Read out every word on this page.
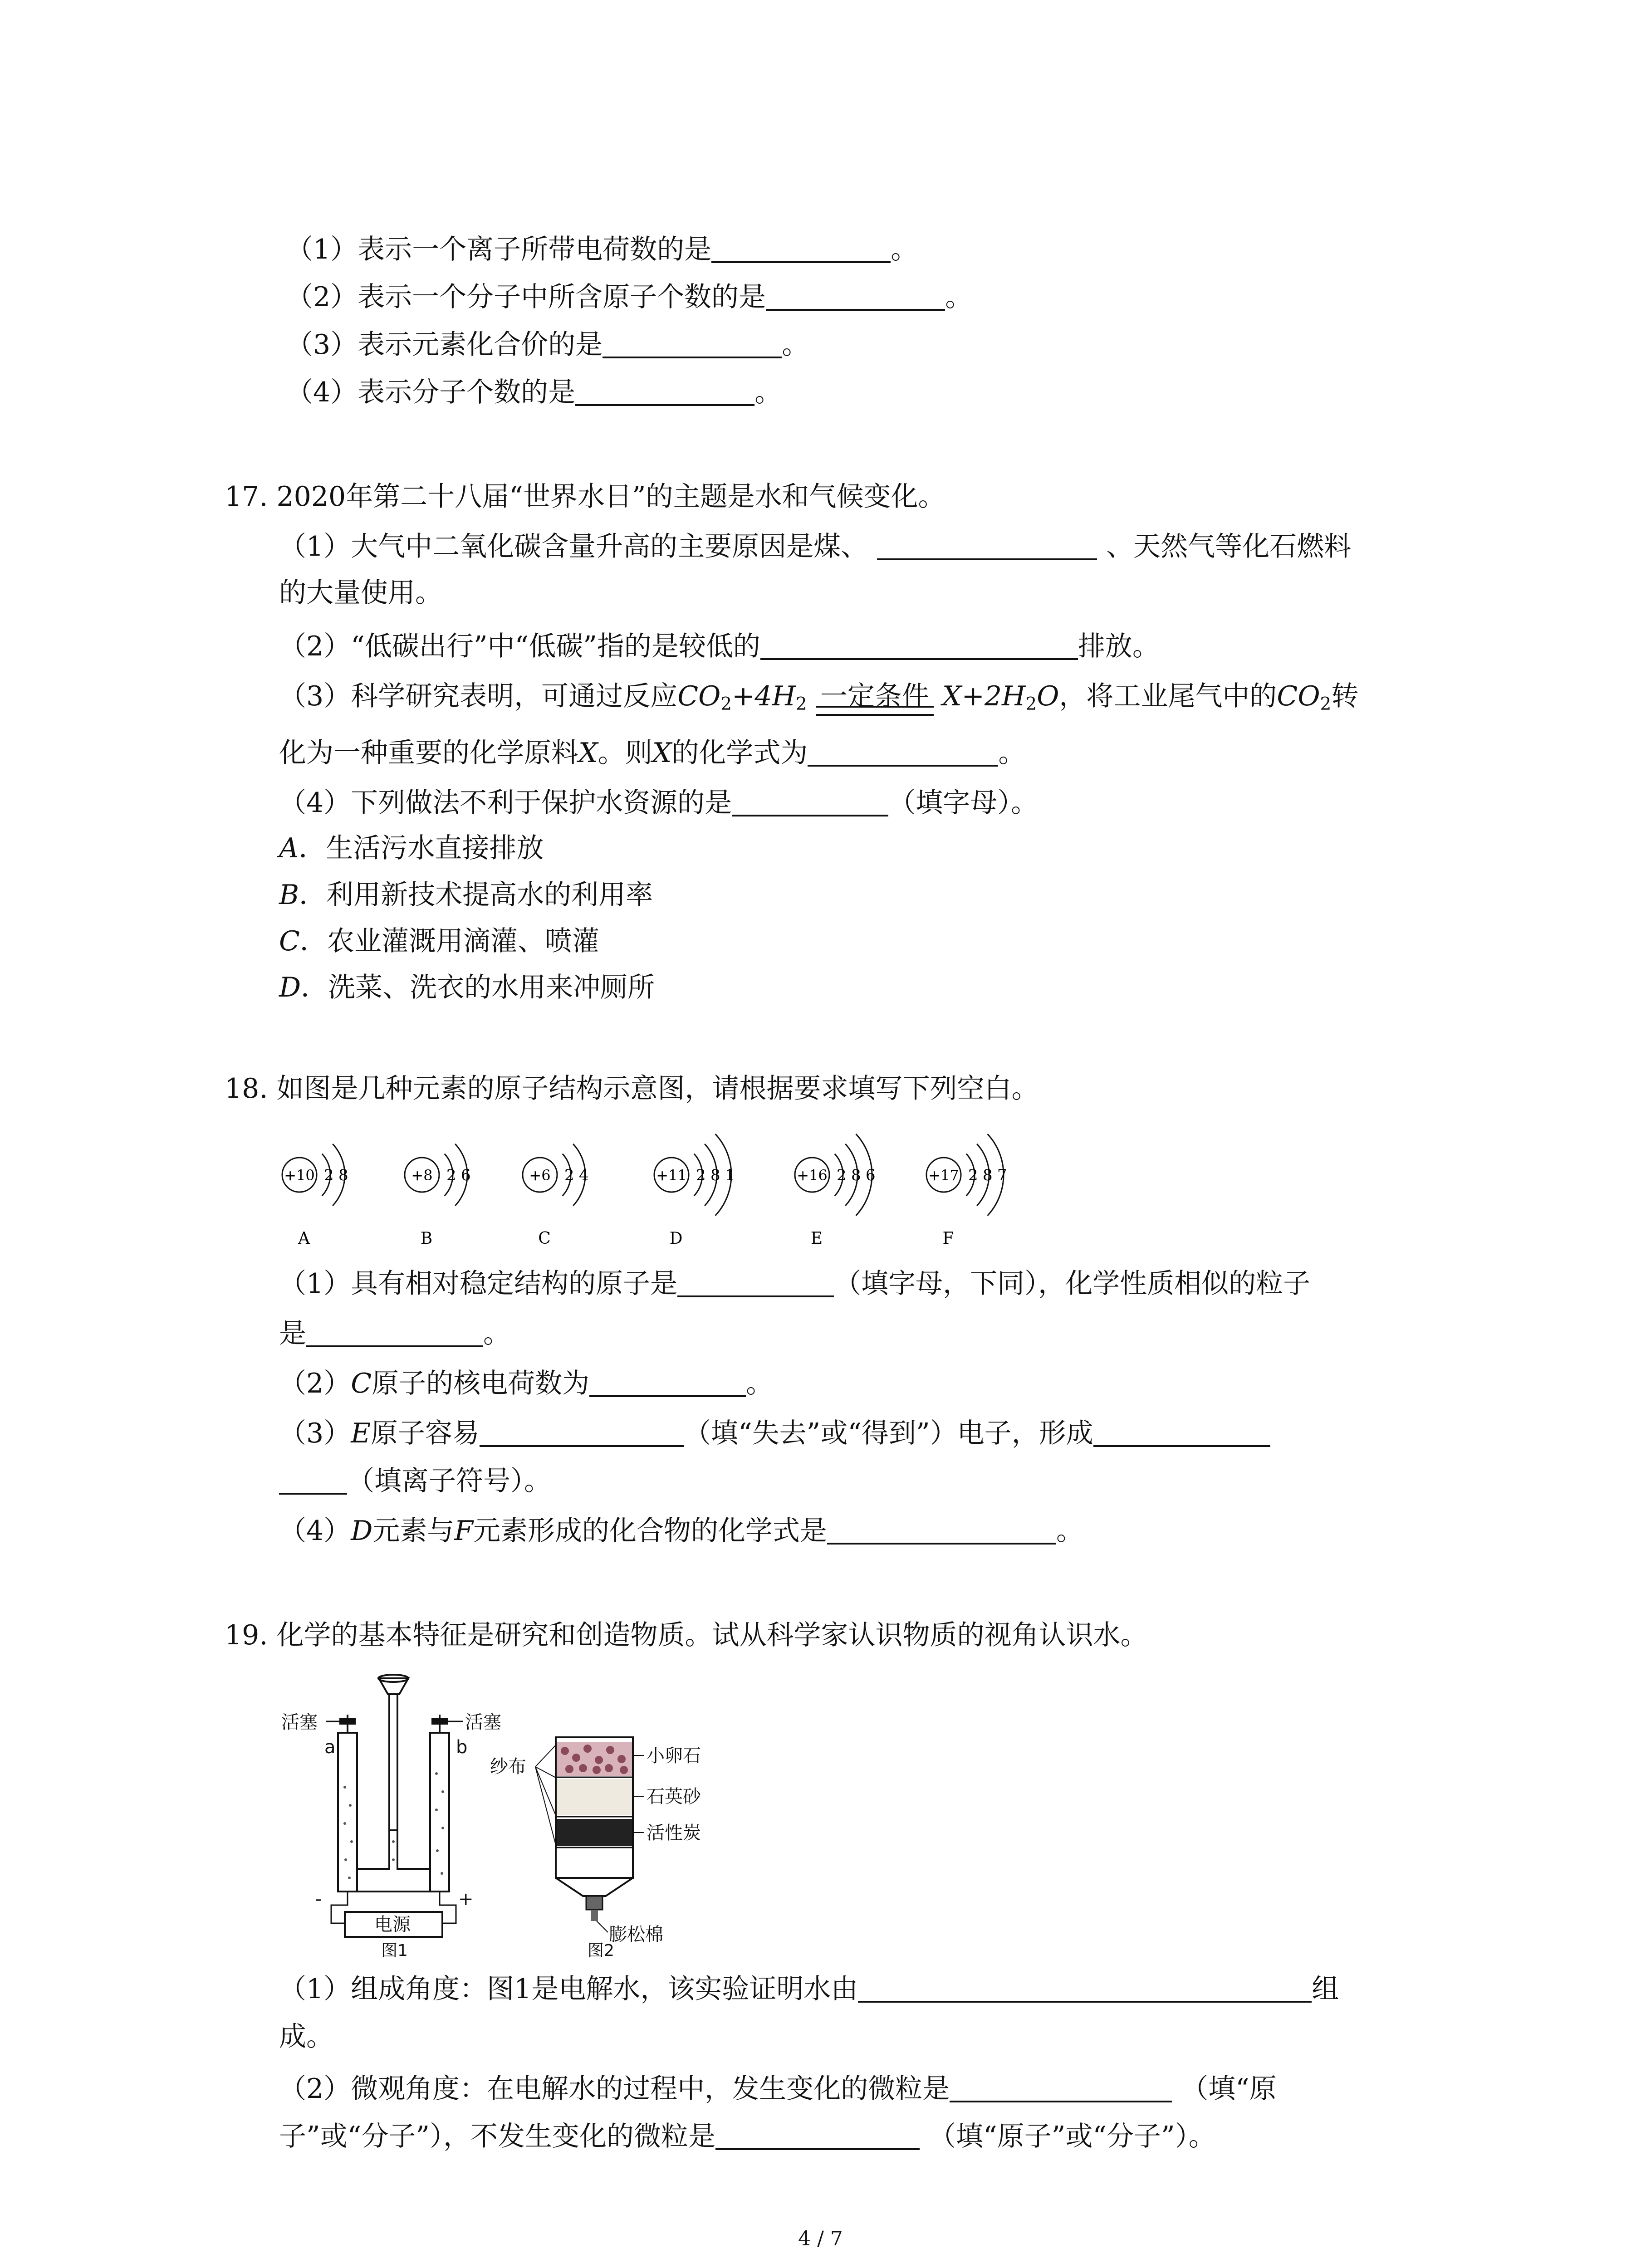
（1）表示一个离子所带电荷数的是	。
（2）表示一个分子中所含原子个数的是	。
（3）表示元素化合价的是	。
（4）表示分子个数的是	。
17. 2020年第二十八届“世界水日”的主题是水和气候变化。
（1）大气中二氧化碳含量升高的主要原因是煤、	、天然气等化石燃料
的大量使用。
（2）“低碳出行”中“低碳”指的是较低的	排放。
（3）科学研究表明，可通过反应$CO_2+4H_2$ 一定条件 $X+2H_2O$，将工业尾气中的$CO_2$转
化为一种重要的化学原料X。则X的化学式为	。
（4）下列做法不利于保护水资源的是	（填字母）。
A．生活污水直接排放
B．利用新技术提高水的利用率
C．农业灌溉用滴灌、喷灌
D．洗菜、洗衣的水用来冲厕所
18. 如图是几种元素的原子结构示意图，请根据要求填写下列空白。
+10 2 8
A
+8 2 6
B
+6 2 4
C
+11 2 8 1
D
+16 2 8 6
E
+17 2 8 7
F
（1）具有相对稳定结构的原子是	（填字母，下同），化学性质相似的粒子
是	。
（2）C原子的核电荷数为	。
（3）E原子容易	（填“失去”或“得到”）电子，形成
（填离子符号）。
（4）D元素与F元素形成的化合物的化学式是	。
19. 化学的基本特征是研究和创造物质。试从科学家认识物质的视角认识水。
活塞	活塞
a	b
-	+
电源
图1
纱布
小卵石
石英砂
活性炭
膨松棉
图2
（1）组成角度：图1是电解水，该实验证明水由	组
成。
（2）微观角度：在电解水的过程中，发生变化的微粒是	（填“原
子”或“分子”），不发生变化的微粒是	（填“原子”或“分子”）。
4 / 7
